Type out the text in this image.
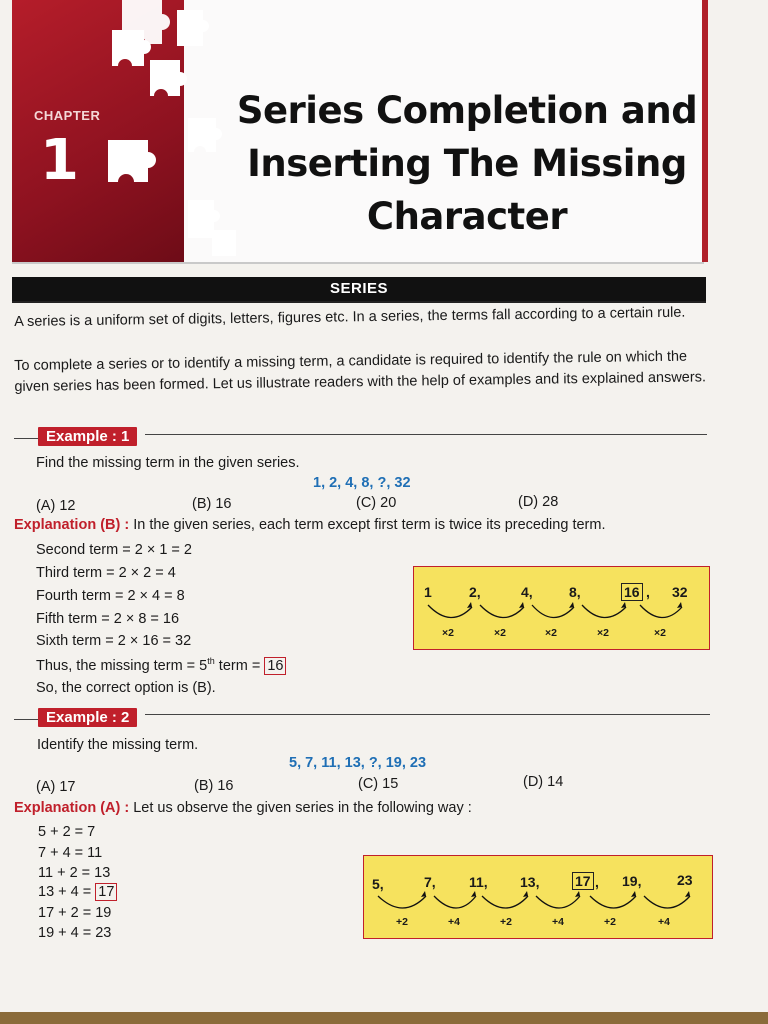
CHAPTER
1
Series Completion and
Inserting The Missing
Character
SERIES
A series is a uniform set of digits, letters, figures etc. In a series, the terms fall according to a certain rule.
To complete a series or to identify a missing term, a candidate is required to identify the rule on which the given series has been formed. Let us illustrate readers with the help of examples and its explained answers.
Example : 1
Find the missing term in the given series.
1, 2, 4, 8, ?, 32
(A) 12	(B) 16	(C) 20	(D) 28
Explanation (B) : In the given series, each term except first term is twice its preceding term.
Second term = 2 × 1 = 2
Third term = 2 × 2 = 4
Fourth term = 2 × 4 = 8
Fifth term = 2 × 8 = 16
Sixth term = 2 × 16 = 32
Thus, the missing term = 5th term = 16
So, the correct option is (B).
1	2,	4,	8,	16 , 32
×2	×2	×2	×2	×2
Example : 2
Identify the missing term.
5, 7, 11, 13, ?, 19, 23
(A) 17	(B) 16	(C) 15	(D) 14
Explanation (A) : Let us observe the given series in the following way :
5 + 2 = 7
7 + 4 = 11
11 + 2 = 13
13 + 4 = 17
17 + 2 = 19
19 + 4 = 23
5,	7, 11, 13,	17 , 19,	23
+2	+4	+2	+4	+2	+4
